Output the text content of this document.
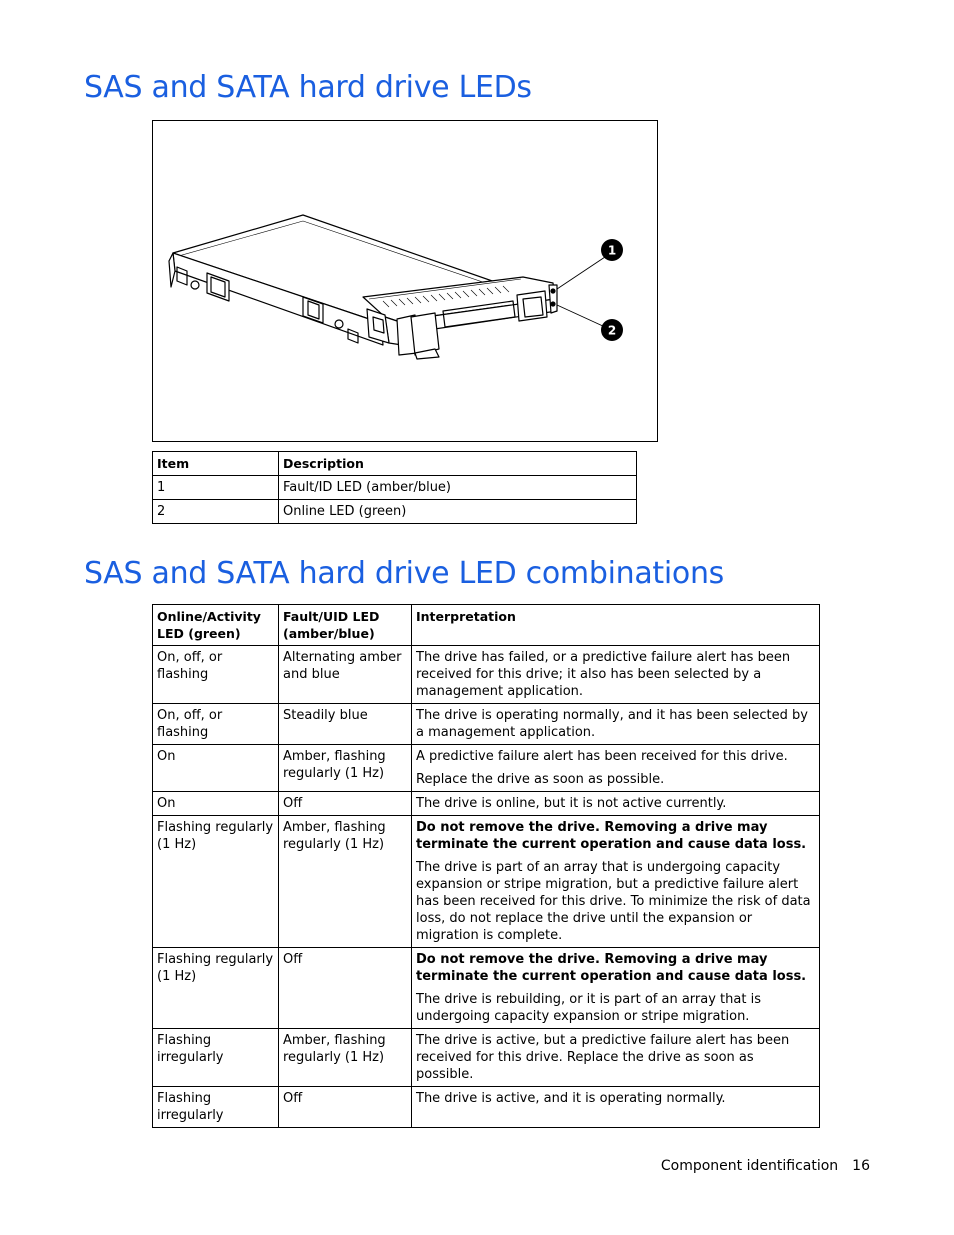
SAS and SATA hard drive LEDs
1
2
Item	Description
1	Fault/ID LED (amber/blue)
2	Online LED (green)
SAS and SATA hard drive LED combinations
Online/Activity LED (green)	Fault/UID LED (amber/blue)	Interpretation
On, off, or flashing	Alternating amber and blue	The drive has failed, or a predictive failure alert has been received for this drive; it also has been selected by a management application.

On, off, or flashing	Steadily blue	The drive is operating normally, and it has been selected by a management application.

On	Amber, flashing regularly (1 Hz)	A predictive failure alert has been received for this drive.

Replace the drive as soon as possible.

On	Off	The drive is online, but it is not active currently.

Flashing regularly (1 Hz)	Amber, flashing regularly (1 Hz)	Do not remove the drive. Removing a drive may terminate the current operation and cause data loss.

The drive is part of an array that is undergoing capacity expansion or stripe migration, but a predictive failure alert has been received for this drive. To minimize the risk of data loss, do not replace the drive until the expansion or migration is complete.

Flashing regularly (1 Hz)	Off	Do not remove the drive. Removing a drive may terminate the current operation and cause data loss.

The drive is rebuilding, or it is part of an array that is undergoing capacity expansion or stripe migration.

Flashing irregularly	Amber, flashing regularly (1 Hz)	The drive is active, but a predictive failure alert has been received for this drive. Replace the drive as soon as possible.

Flashing irregularly	Off	The drive is active, and it is operating normally.

Component identification 16
